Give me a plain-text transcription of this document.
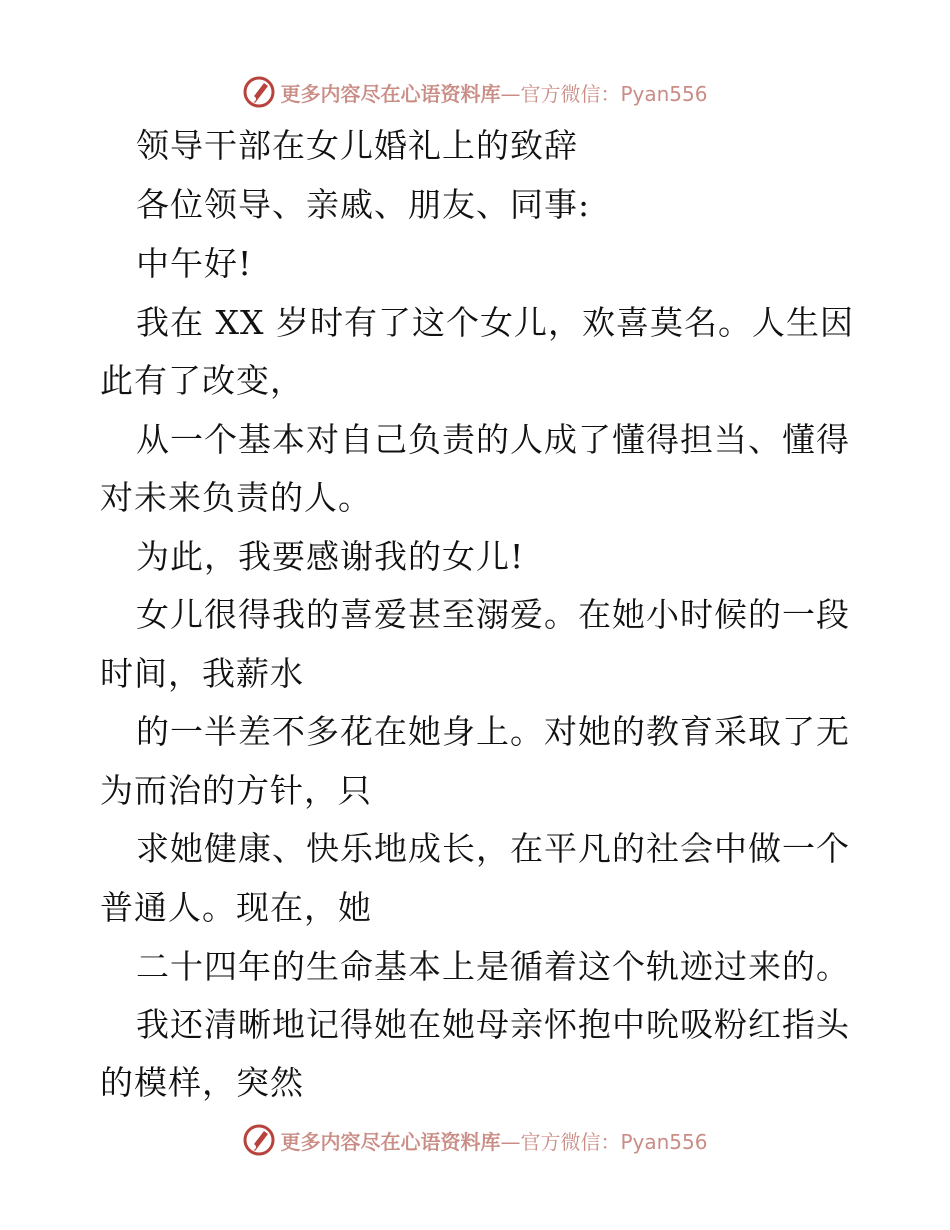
更多内容尽在心语资料库 —官方微信：Pyan556
领导干部在女儿婚礼上的致辞
各位领导、亲戚、朋友、同事:
中午好!
我在 XX 岁时有了这个女儿，欢喜莫名。人生因
此有了改变，
从一个基本对自己负责的人成了懂得担当、懂得
对未来负责的人。
为此，我要感谢我的女儿!
女儿很得我的喜爱甚至溺爱。在她小时候的一段
时间，我薪水
的一半差不多花在她身上。对她的教育采取了无
为而治的方针，只
求她健康、快乐地成长，在平凡的社会中做一个
普通人。现在，她
二十四年的生命基本上是循着这个轨迹过来的。
我还清晰地记得她在她母亲怀抱中吮吸粉红指头
的模样，突然
更多内容尽在心语资料库 —官方微信：Pyan556
